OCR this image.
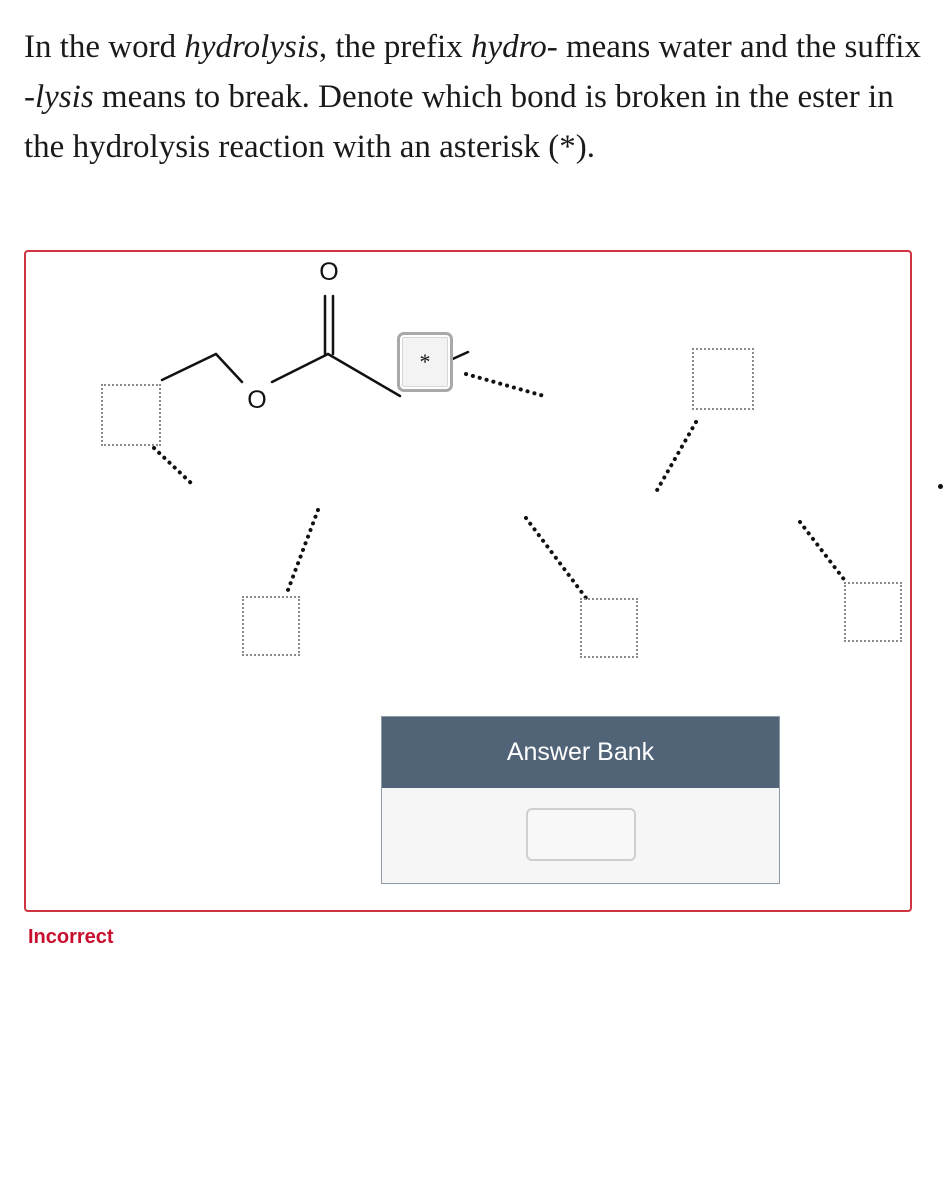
In the word hydrolysis, the prefix hydro- means water and the suffix -lysis means to break. Denote which bond is broken in the ester in the hydrolysis reaction with an asterisk (*).

O
O
*
Answer Bank
Incorrect
